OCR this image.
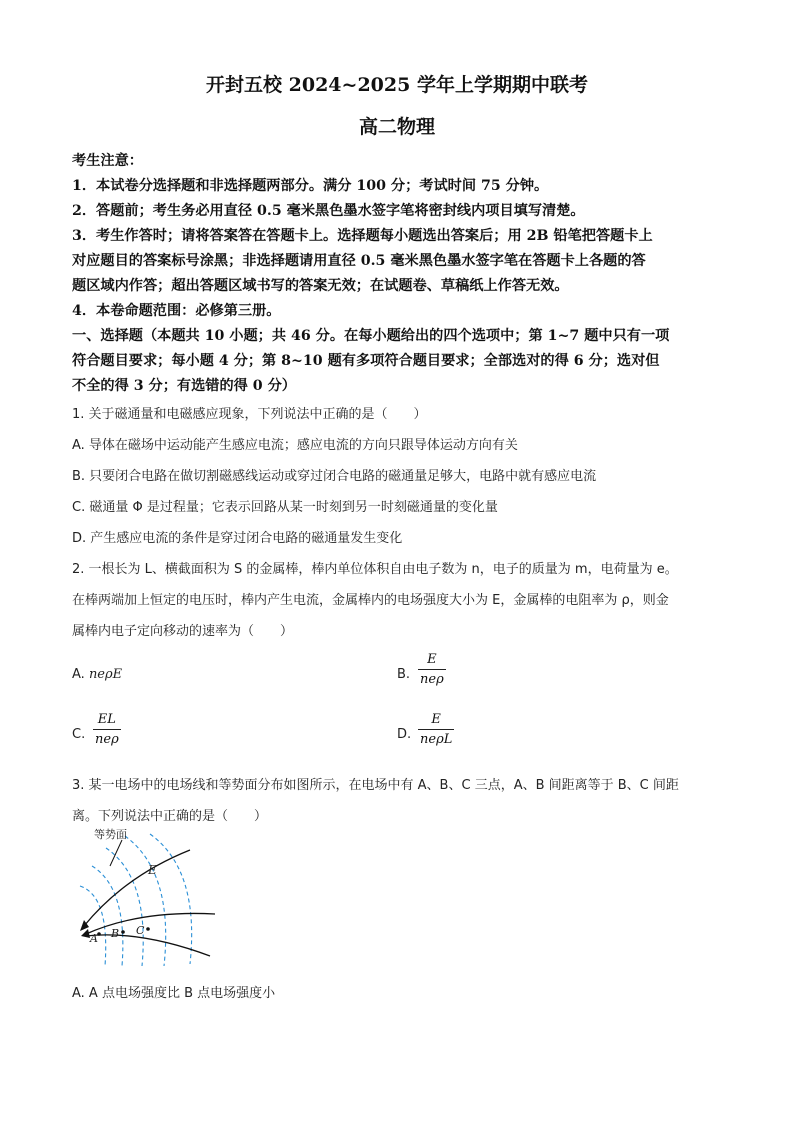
开封五校 2024~2025 学年上学期期中联考
高二物理
考生注意：
1．本试卷分选择题和非选择题两部分。满分 100 分；考试时间 75 分钟。
2．答题前；考生务必用直径 0.5 毫米黑色墨水签字笔将密封线内项目填写清楚。
3．考生作答时；请将答案答在答题卡上。选择题每小题选出答案后；用 2B 铅笔把答题卡上
对应题目的答案标号涂黑；非选择题请用直径 0.5 毫米黑色墨水签字笔在答题卡上各题的答
题区域内作答；超出答题区域书写的答案无效；在试题卷、草稿纸上作答无效。
4．本卷命题范围：必修第三册。
一、选择题（本题共 10 小题；共 46 分。在每小题给出的四个选项中；第 1~7 题中只有一项
符合题目要求；每小题 4 分；第 8~10 题有多项符合题目要求；全部选对的得 6 分；选对但
不全的得 3 分；有选错的得 0 分）
1. 关于磁通量和电磁感应现象，下列说法中正确的是（　　）
A. 导体在磁场中运动能产生感应电流；感应电流的方向只跟导体运动方向有关
B. 只要闭合电路在做切割磁感线运动或穿过闭合电路的磁通量足够大，电路中就有感应电流
C. 磁通量 Φ 是过程量；它表示回路从某一时刻到另一时刻磁通量的变化量
D. 产生感应电流的条件是穿过闭合电路的磁通量发生变化
2. 一根长为 L、横截面积为 S 的金属棒，棒内单位体积自由电子数为 n，电子的质量为 m，电荷量为 e。
在棒两端加上恒定的电压时，棒内产生电流，金属棒内的电场强度大小为 E，金属棒的电阻率为 ρ，则金
属棒内电子定向移动的速率为（　　）
A. neρE	B.
E
neρ
C.
EL
neρ	D.
E
neρL
3. 某一电场中的电场线和等势面分布如图所示，在电场中有 A、B、C 三点，A、B 间距离等于 B、C 间距
离。下列说法中正确的是（　　）
等势面
E
A B C
A. A 点电场强度比 B 点电场强度小
